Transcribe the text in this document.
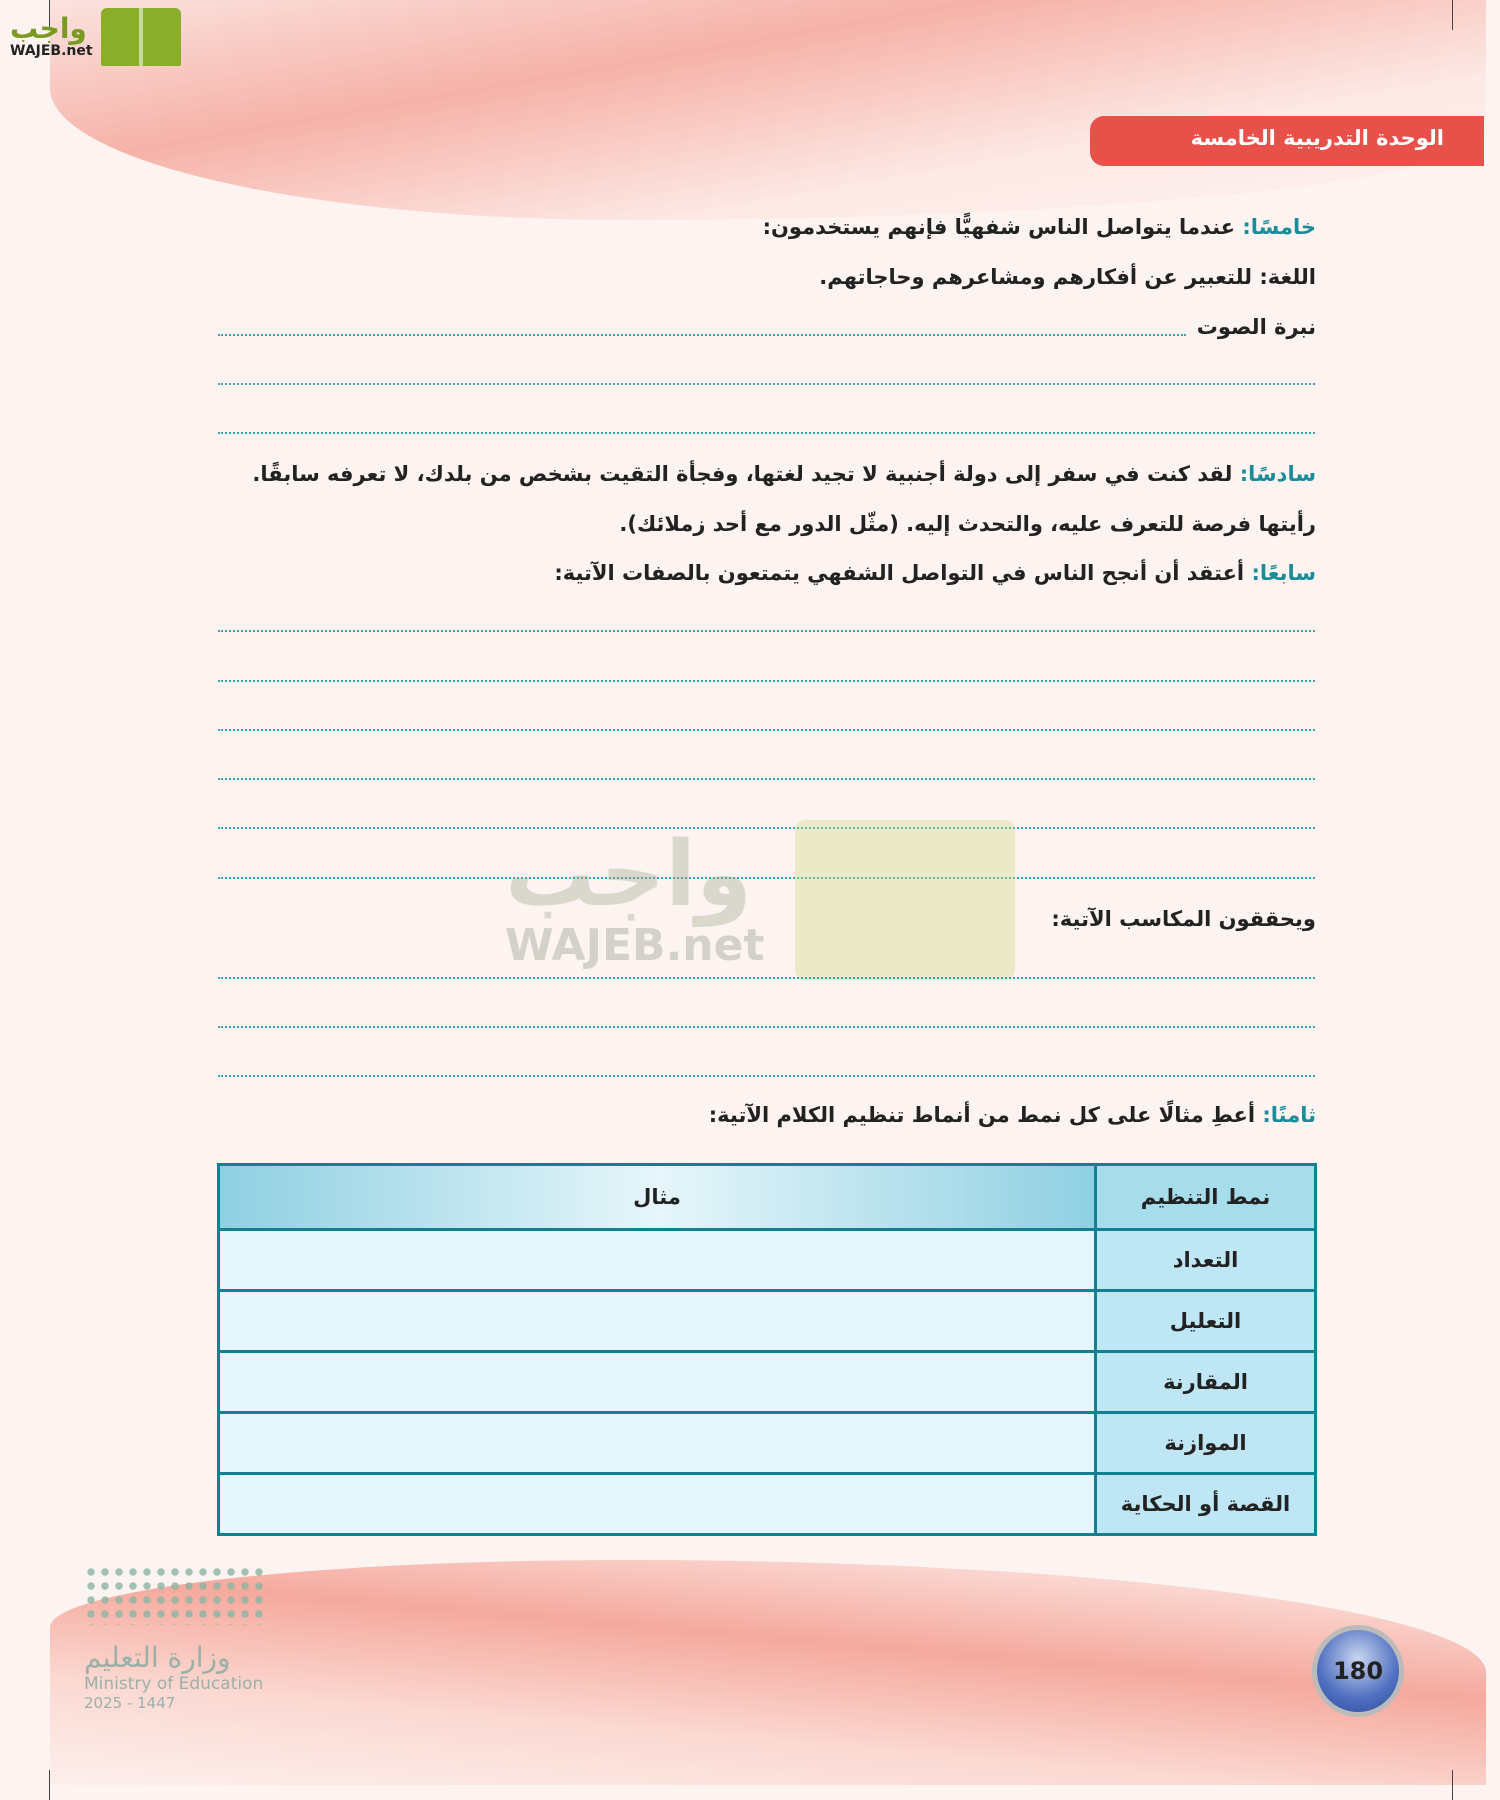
واجب
WAJEB.net
الوحدة التدريبية الخامسة
خامسًا: عندما يتواصل الناس شفهيًّا فإنهم يستخدمون:
اللغة: للتعبير عن أفكارهم ومشاعرهم وحاجاتهم.
نبرة الصوت
سادسًا: لقد كنت في سفر إلى دولة أجنبية لا تجيد لغتها، وفجأة التقيت بشخص من بلدك، لا تعرفه سابقًا.
رأيتها فرصة للتعرف عليه، والتحدث إليه. (مثّل الدور مع أحد زملائك).
سابعًا: أعتقد أن أنجح الناس في التواصل الشفهي يتمتعون بالصفات الآتية:
واجب
WAJEB.net
ويحققون المكاسب الآتية:
ثامنًا: أعطِ مثالًا على كل نمط من أنماط تنظيم الكلام الآتية:
نمط التنظيم	مثال
التعداد	
التعليل	
المقارنة	
الموازنة	
القصة أو الحكاية	
وزارة التعليم
Ministry of Education
2025 - 1447
180
